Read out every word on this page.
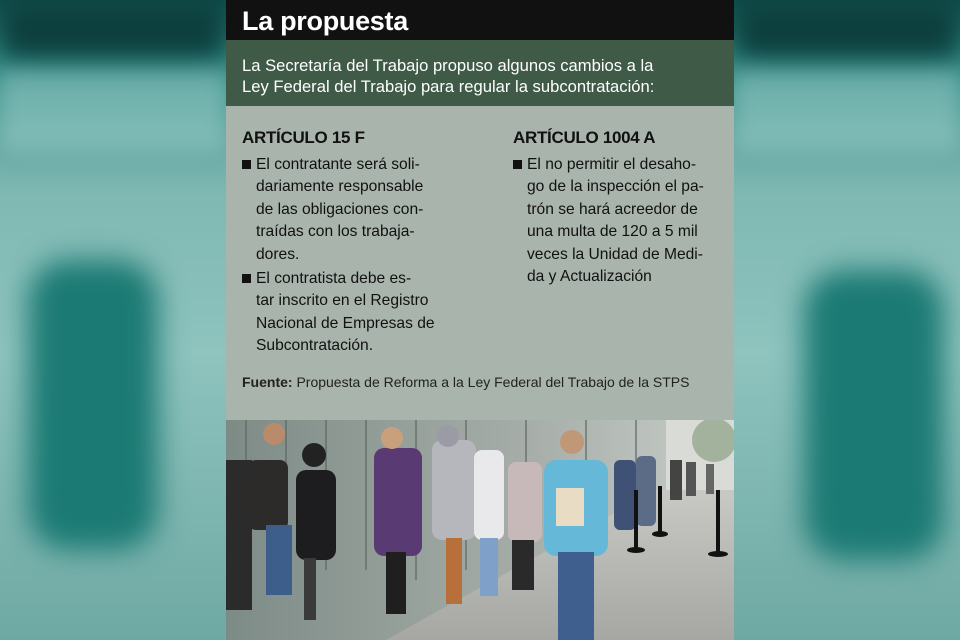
La propuesta
La Secretaría del Trabajo propuso algunos cambios a la
Ley Federal del Trabajo para regular la subcontratación:
ARTÍCULO 15 F
El contratante será soli-
dariamente responsable
de las obligaciones con-
traídas con los trabaja-
dores.
El contratista debe es-
tar inscrito en el Registro
Nacional de Empresas de
Subcontratación.
ARTÍCULO 1004 A
El no permitir el desaho-
go de la inspección el pa-
trón se hará acreedor de
una multa de 120 a 5 mil
veces la Unidad de Medi-
da y Actualización
Fuente: Propuesta de Reforma a la Ley Federal del Trabajo de la STPS
